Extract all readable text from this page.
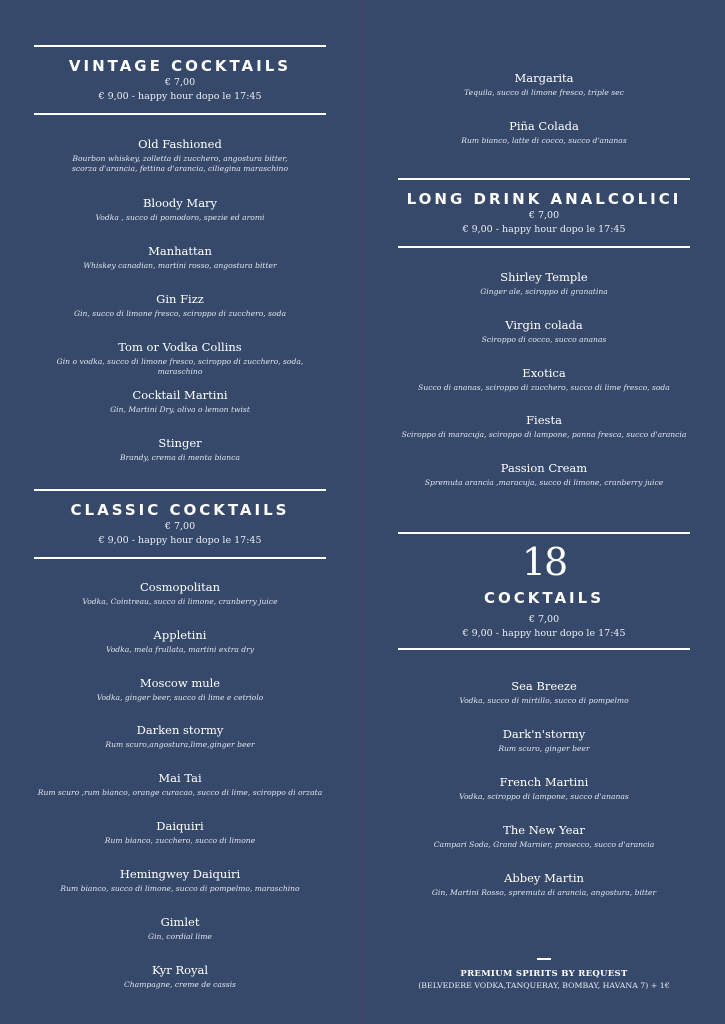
VINTAGE COCKTAILS
€ 7,00
€ 9,00 - happy hour dopo le 17:45
Old Fashioned
Bourbon whiskey, zolletta di zucchero, angostura bitter,
scorza d'arancia, fettina d'arancia, ciliegina maraschino
Bloody Mary
Vodka , succo di pomodoro, spezie ed aromi
Manhattan
Whiskey canadian, martini rosso, angostura bitter
Gin Fizz
Gin, succo di limone fresco, sciroppo di zucchero, soda
Tom or Vodka Collins
Gin o vodka, succo di limone fresco, sciroppo di zucchero, soda, maraschino
Cocktail Martini
Gin, Martini Dry, oliva o lemon twist
Stinger
Brandy, crema di menta bianca
CLASSIC COCKTAILS
€ 7,00
€ 9,00 - happy hour dopo le 17:45
Cosmopolitan
Vodka, Cointreau, succo di limone, cranberry juice
Appletini
Vodka, mela frullata, martini extra dry
Moscow mule
Vodka, ginger beer, succo di lime e cetriolo
Darken stormy
Rum scuro,angostura,lime,ginger beer
Mai Tai
Rum scuro ,rum bianco, orange curacao, succo di lime, sciroppo di orzata
Daiquiri
Rum bianco, zucchero, succo di limone
Hemingwey Daiquiri
Rum bianco, succo di limone, succo di pompelmo, maraschino
Gimlet
Gin, cordial lime
Kyr Royal
Champagne, creme de cassis
Margarita
Tequila, succo di limone fresco, triple sec
Piña Colada
Rum bianco, latte di cocco, succo d'ananas
LONG DRINK ANALCOLICI
€ 7,00
€ 9,00 - happy hour dopo le 17:45
Shirley Temple
Ginger ale, sciroppo di granatina
Virgin colada
Sciroppo di cocco, succo ananas
Exotica
Succo di ananas, sciroppo di zucchero, succo di lime fresco, soda
Fiesta
Sciroppo di maracuja, sciroppo di lampone, panna fresca, succo d'arancia
Passion Cream
Spremuta arancia ,maracuja, succo di limone, cranberry juice
18
COCKTAILS
€ 7,00
€ 9,00 - happy hour dopo le 17:45
Sea Breeze
Vodka, succo di mirtillo, succo di pompelmo
Dark'n'stormy
Rum scuro, ginger beer
French Martini
Vodka, sciroppo di lampone, succo d'ananas
The New Year
Campari Soda, Grand Marnier, prosecco, succo d'arancia
Abbey Martin
Gin, Martini Rosso, spremuta di arancia, angostura, bitter
PREMIUM SPIRITS BY REQUEST
(BELVEDERE VODKA,TANQUERAY, BOMBAY, HAVANA 7) + 1€
